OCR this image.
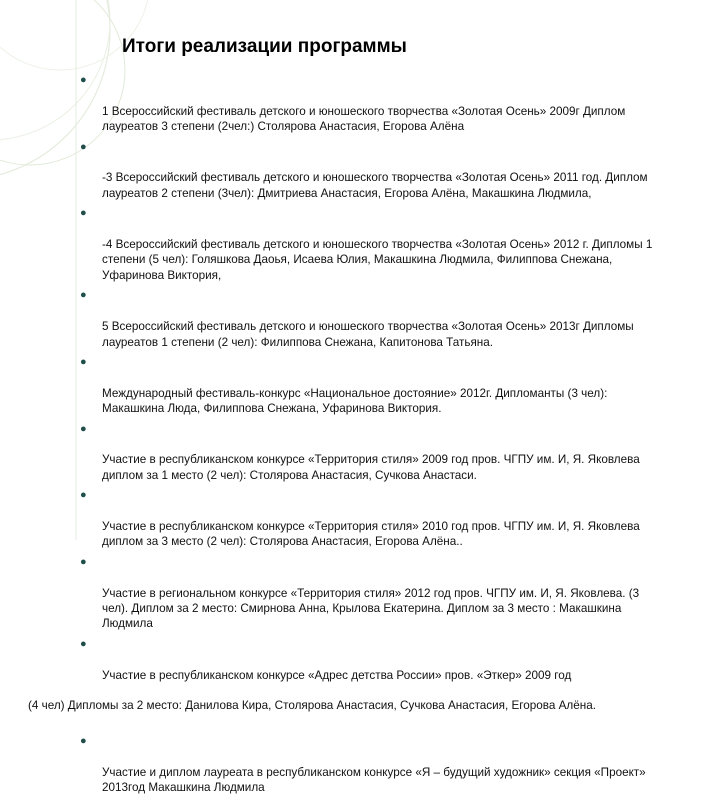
Итоги реализации программы

●

1 Всероссийский фестиваль детского и юношеского творчества «Золотая Осень» 2009г Диплом
лауреатов 3 степени (2чел:) Столярова Анастасия, Егорова Алёна

●

-3 Всероссийский фестиваль детского и юношеского творчества «Золотая Осень» 2011 год. Диплом
лауреатов 2 степени (3чел): Дмитриева Анастасия, Егорова Алёна, Макашкина Людмила,

●

-4 Всероссийский фестиваль детского и юношеского творчества «Золотая Осень» 2012 г. Дипломы 1
степени (5 чел): Голяшкова Даоья, Исаева Юлия, Макашкина Людмила, Филиппова Снежана,
Уфаринова Виктория,

●

5 Всероссийский фестиваль детского и юношеского творчества «Золотая Осень» 2013г Дипломы
лауреатов 1 степени (2 чел): Филиппова Снежана, Капитонова Татьяна.

●

Международный фестиваль-конкурс «Национальное достояние» 2012г. Дипломанты (3 чел):
Макашкина Люда, Филиппова Снежана, Уфаринова Виктория.

●

Участие в республиканском конкурсе «Территория стиля» 2009 год пров. ЧГПУ им. И, Я. Яковлева
диплом за 1 место (2 чел): Столярова Анастасия, Сучкова Анастаси.

●

Участие в республиканском конкурсе «Территория стиля» 2010 год пров. ЧГПУ им. И, Я. Яковлева
диплом за 3 место (2 чел): Столярова Анастасия, Егорова Алёна..

●

Участие в региональном конкурсе «Территория стиля» 2012 год пров. ЧГПУ им. И, Я. Яковлева. (3
чел). Диплом за 2 место: Смирнова Анна, Крылова Екатерина. Диплом за 3 место : Макашкина
Людмила

●

Участие в республиканском конкурсе «Адрес детства России» пров. «Эткер» 2009 год

(4 чел) Дипломы за 2 место: Данилова Кира, Столярова Анастасия, Сучкова Анастасия, Егорова Алёна.

●

Участие и диплом лауреата в республиканском конкурсе «Я – будущий художник» секция «Проект»
2013год Макашкина Людмила
